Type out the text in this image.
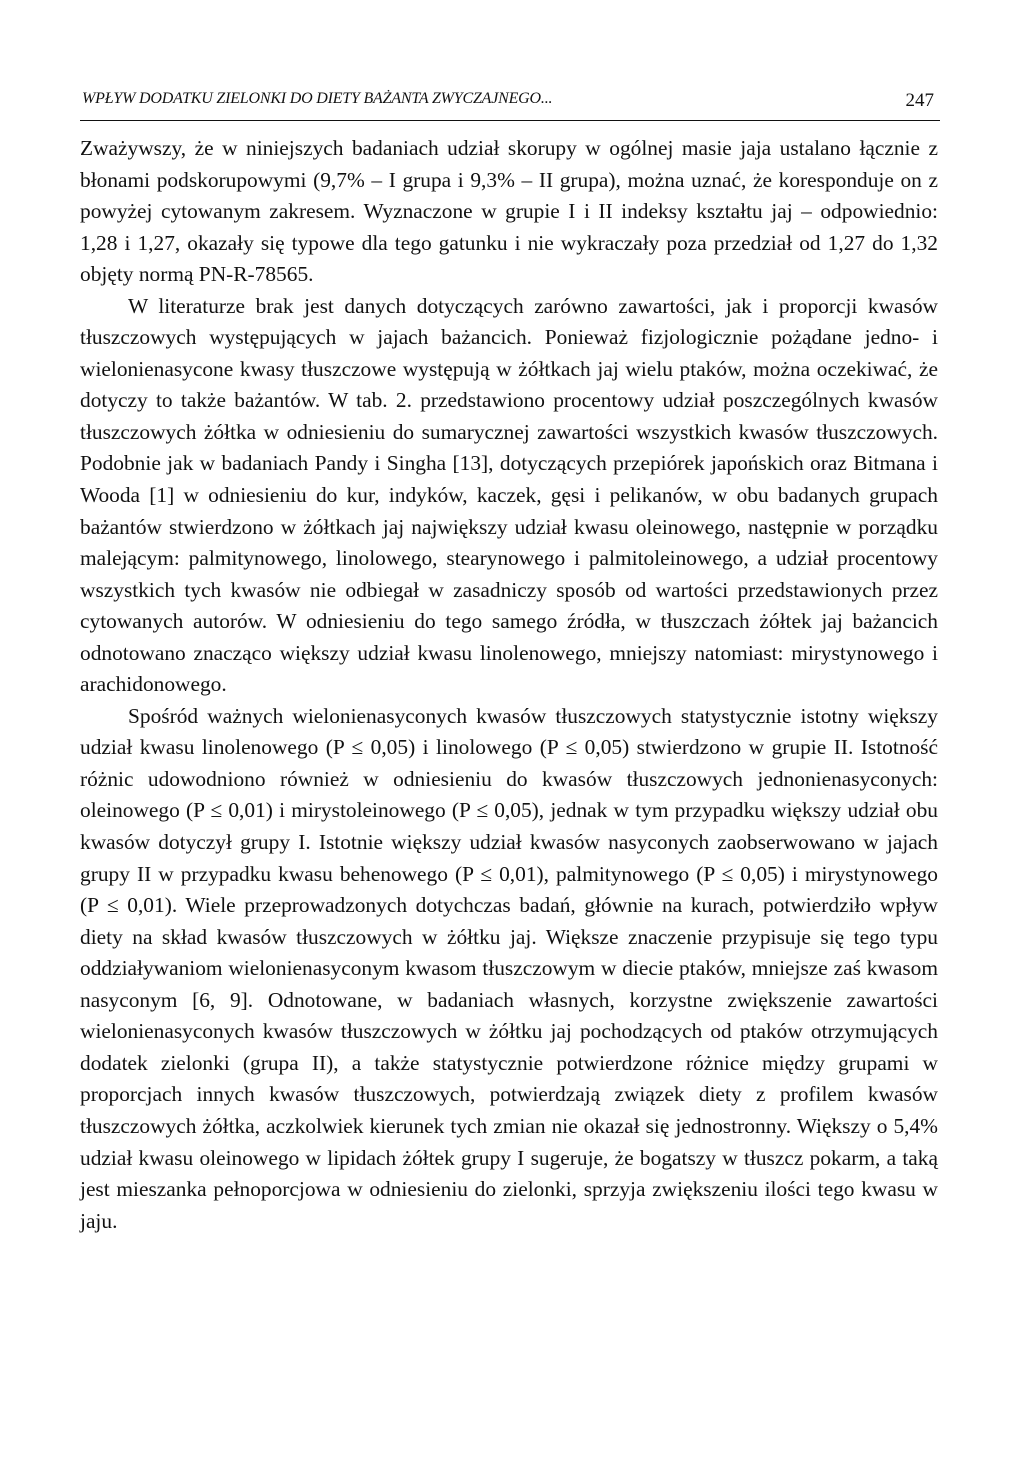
WPŁYW DODATKU ZIELONKI DO DIETY BAŻANTA ZWYCZAJNEGO...	247

Zważywszy, że w niniejszych badaniach udział skorupy w ogólnej masie jaja ustalano łącznie z błonami podskorupowymi (9,7% – I grupa i 9,3% – II grupa), można uznać, że koresponduje on z powyżej cytowanym zakresem. Wyznaczone w grupie I i II indeksy kształtu jaj – odpowiednio: 1,28 i 1,27, okazały się typowe dla tego gatunku i nie wykraczały poza przedział od 1,27 do 1,32 objęty normą PN-R-78565.

W literaturze brak jest danych dotyczących zarówno zawartości, jak i proporcji kwasów tłuszczowych występujących w jajach bażancich. Ponieważ fizjologicznie pożądane jedno- i wielonienasycone kwasy tłuszczowe występują w żółtkach jaj wielu ptaków, można oczekiwać, że dotyczy to także bażantów. W tab. 2. przedstawiono procentowy udział poszczególnych kwasów tłuszczowych żółtka w odniesieniu do sumarycznej zawartości wszystkich kwasów tłuszczowych. Podobnie jak w badaniach Pandy i Singha [13], dotyczących przepiórek japońskich oraz Bitmana i Wooda [1] w odniesieniu do kur, indyków, kaczek, gęsi i pelikanów, w obu badanych grupach bażantów stwierdzono w żółtkach jaj największy udział kwasu oleinowego, następnie w porządku malejącym: palmitynowego, linolowego, stearynowego i palmitoleinowego, a udział procentowy wszystkich tych kwasów nie odbiegał w zasadniczy sposób od wartości przedstawionych przez cytowanych autorów. W odniesieniu do tego samego źródła, w tłuszczach żółtek jaj bażancich odnotowano znacząco większy udział kwasu linolenowego, mniejszy natomiast: mirystynowego i arachidonowego.

Spośród ważnych wielonienasyconych kwasów tłuszczowych statystycznie istotny większy udział kwasu linolenowego (P ≤ 0,05) i linolowego (P ≤ 0,05) stwierdzono w grupie II. Istotność różnic udowodniono również w odniesieniu do kwasów tłuszczowych jednonienasyconych: oleinowego (P ≤ 0,01) i mirystoleinowego (P ≤ 0,05), jednak w tym przypadku większy udział obu kwasów dotyczył grupy I. Istotnie większy udział kwasów nasyconych zaobserwowano w jajach grupy II w przypadku kwasu behenowego (P ≤ 0,01), palmitynowego (P ≤ 0,05) i mirystynowego (P ≤ 0,01). Wiele przeprowadzonych dotychczas badań, głównie na kurach, potwierdziło wpływ diety na skład kwasów tłuszczowych w żółtku jaj. Większe znaczenie przypisuje się tego typu oddziaływaniom wielonienasyconym kwasom tłuszczowym w diecie ptaków, mniejsze zaś kwasom nasyconym [6, 9]. Odnotowane, w badaniach własnych, korzystne zwiększenie zawartości wielonienasyconych kwasów tłuszczowych w żółtku jaj pochodzących od ptaków otrzymujących dodatek zielonki (grupa II), a także statystycznie potwierdzone różnice między grupami w proporcjach innych kwasów tłuszczowych, potwierdzają związek diety z profilem kwasów tłuszczowych żółtka, aczkolwiek kierunek tych zmian nie okazał się jednostronny. Większy o 5,4% udział kwasu oleinowego w lipidach żółtek grupy I sugeruje, że bogatszy w tłuszcz pokarm, a taką jest mieszanka pełnoporcjowa w odniesieniu do zielonki, sprzyja zwiększeniu ilości tego kwasu w jaju.
